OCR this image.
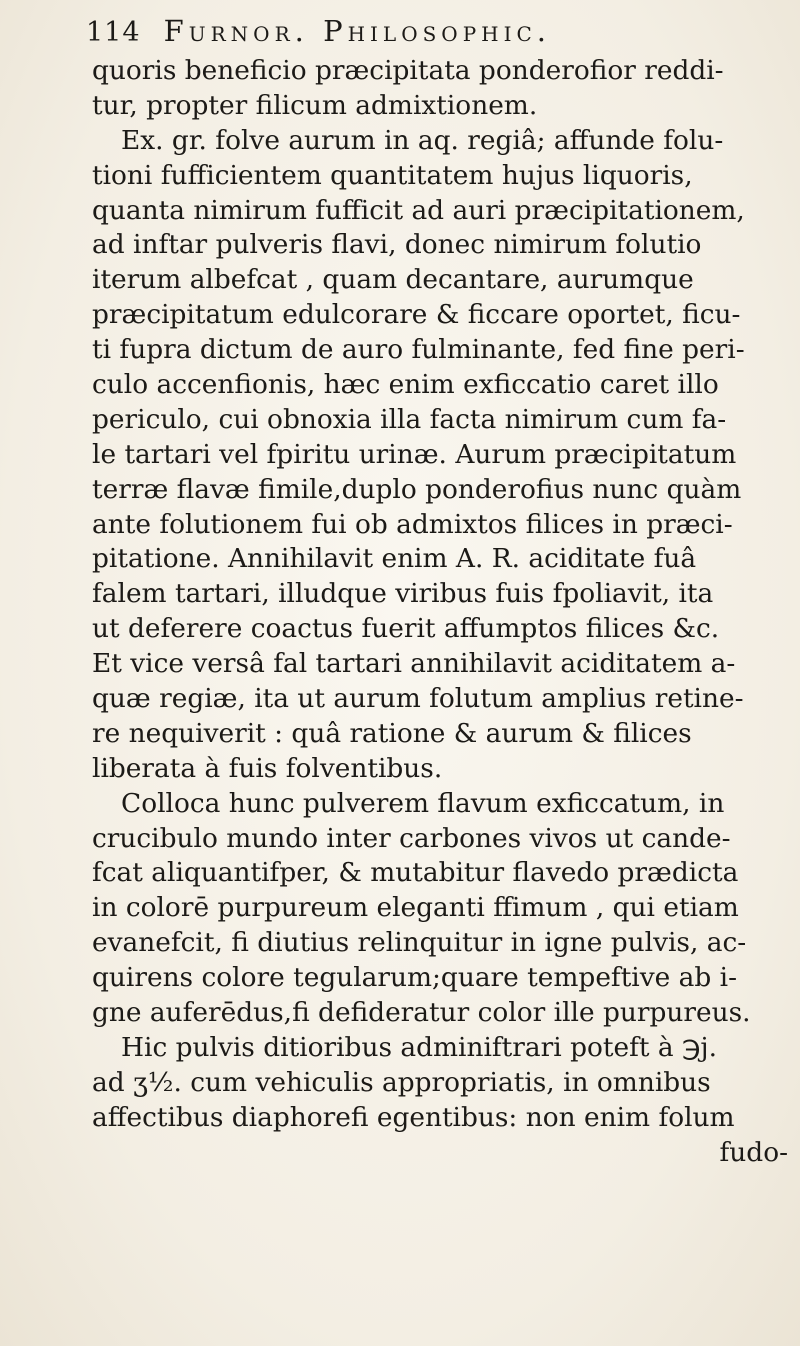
114 Furnor. Philosophic.
quoris beneficio præcipitata ponderofior reddi-
tur, propter filicum admixtionem.
Ex. gr. folve aurum in aq. regiâ; affunde folu-
tioni fufficientem quantitatem hujus liquoris,
quanta nimirum fufficit ad auri præcipitationem,
ad inftar pulveris flavi, donec nimirum folutio
iterum albefcat , quam decantare, aurumque
præcipitatum edulcorare & ficcare oportet, ficu-
ti fupra dictum de auro fulminante, fed fine peri-
culo accenfionis, hæc enim exficcatio caret illo
periculo, cui obnoxia illa facta nimirum cum fa-
le tartari vel fpiritu urinæ. Aurum præcipitatum
terræ flavæ fimile,duplo ponderofius nunc quàm
ante folutionem fui ob admixtos filices in præci-
pitatione. Annihilavit enim A. R. aciditate fuâ
falem tartari, illudque viribus fuis fpoliavit, ita
ut deferere coactus fuerit affumptos filices &c.
Et vice versâ fal tartari annihilavit aciditatem a-
quæ regiæ, ita ut aurum folutum amplius retine-
re nequiverit : quâ ratione & aurum & filices
liberata à fuis folventibus.
Colloca hunc pulverem flavum exficcatum, in
crucibulo mundo inter carbones vivos ut cande-
fcat aliquantifper, & mutabitur flavedo prædicta
in colorē purpureum eleganti ffimum , qui etiam
evanefcit, fi diutius relinquitur in igne pulvis, ac-
quirens colore tegularum;quare tempeftive ab i-
gne auferēdus,fi defideratur color ille purpureus.
Hic pulvis ditioribus adminiftrari poteft à ℈j.
ad ʒ½. cum vehiculis appropriatis, in omnibus
affectibus diaphorefi egentibus: non enim folum
fudo-
